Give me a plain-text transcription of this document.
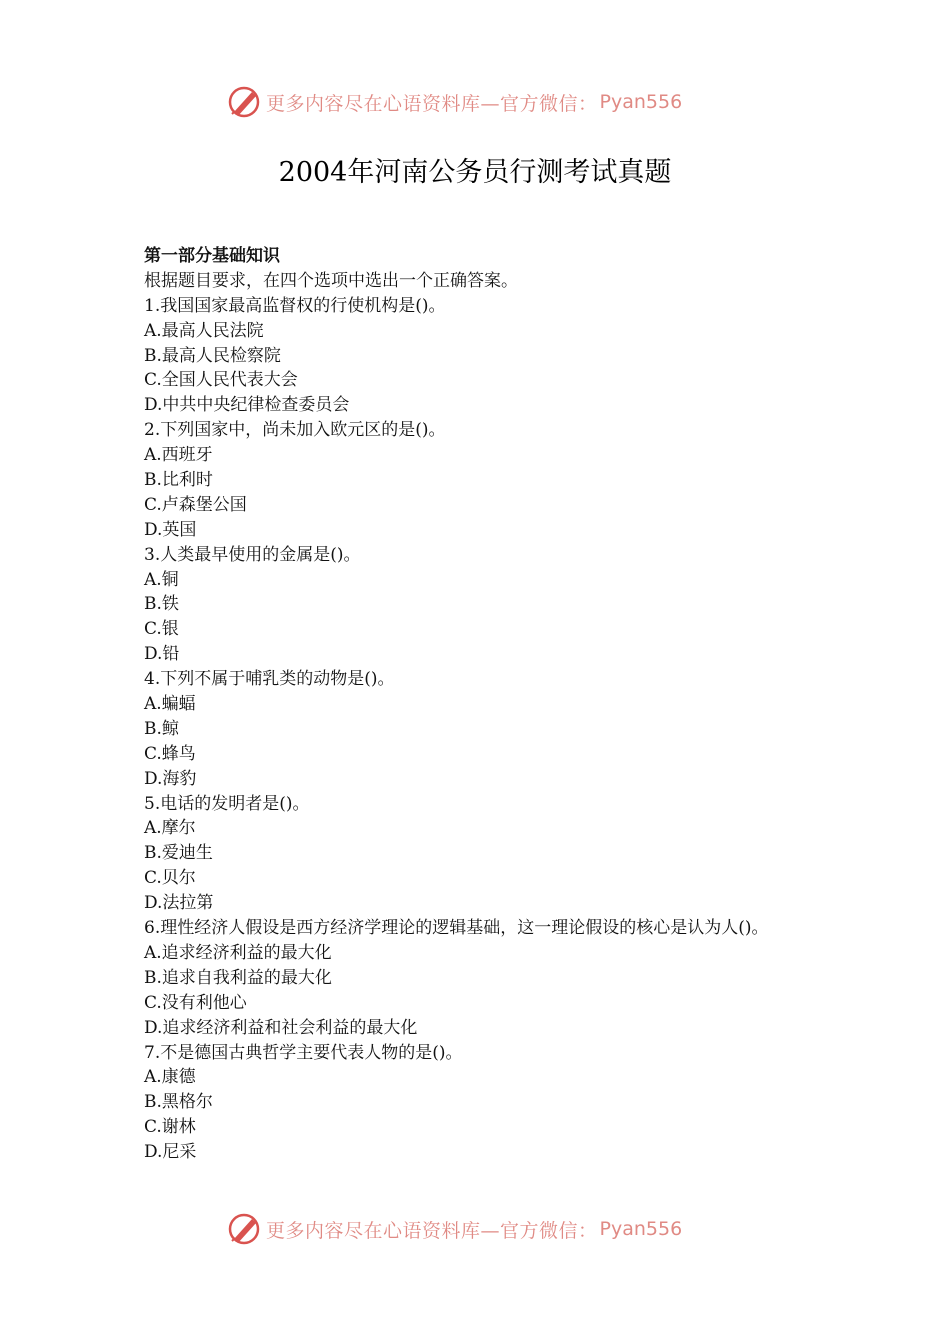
更多内容尽在心语资料库—官方微信： Pyan556
2004年河南公务员行测考试真题
第一部分基础知识
根据题目要求，在四个选项中选出一个正确答案。
1.我国国家最高监督权的行使机构是()。
A.最高人民法院
B.最高人民检察院
C.全国人民代表大会
D.中共中央纪律检查委员会
2.下列国家中，尚未加入欧元区的是()。
A.西班牙
B.比利时
C.卢森堡公国
D.英国
3.人类最早使用的金属是()。
A.铜
B.铁
C.银
D.铅
4.下列不属于哺乳类的动物是()。
A.蝙蝠
B.鲸
C.蜂鸟
D.海豹
5.电话的发明者是()。
A.摩尔
B.爱迪生
C.贝尔
D.法拉第
6.理性经济人假设是西方经济学理论的逻辑基础，这一理论假设的核心是认为人()。
A.追求经济利益的最大化
B.追求自我利益的最大化
C.没有利他心
D.追求经济利益和社会利益的最大化
7.不是德国古典哲学主要代表人物的是()。
A.康德
B.黑格尔
C.谢林
D.尼采
更多内容尽在心语资料库—官方微信： Pyan556
